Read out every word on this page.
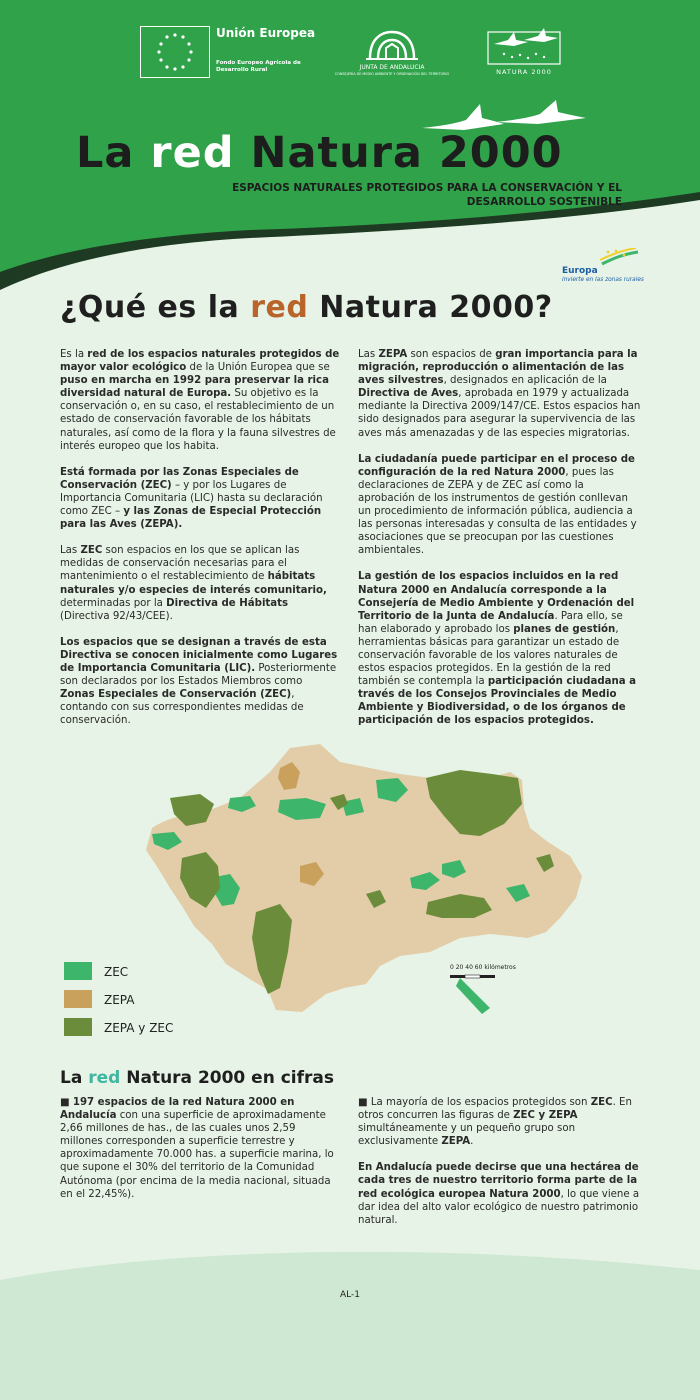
Unión Europea
Fondo Europeo Agrícola de Desarrollo Rural	JUNTA DE ANDALUCIA
CONSEJERÍA DE MEDIO AMBIENTE Y ORDENACIÓN DEL TERRITORIO	NATURA 2000
La red Natura 2000
ESPACIOS NATURALES PROTEGIDOS PARA LA CONSERVACIÓN Y EL DESARROLLO SOSTENIBLE
Europa
invierte en las zonas rurales
¿Qué es la red Natura 2000?

Es la red de los espacios naturales protegidos de mayor valor ecológico de la Unión Europea que se puso en marcha en 1992 para preservar la rica diversidad natural de Europa. Su objetivo es la conservación o, en su caso, el restablecimiento de un estado de conservación favorable de los hábitats naturales, así como de la flora y la fauna silvestres de interés europeo que los habita.

Está formada por las Zonas Especiales de Conservación (ZEC) – y por los Lugares de Importancia Comunitaria (LIC) hasta su declaración como ZEC – y las Zonas de Especial Protección para las Aves (ZEPA).

Las ZEC son espacios en los que se aplican las medidas de conservación necesarias para el mantenimiento o el restablecimiento de hábitats naturales y/o especies de interés comunitario, determinadas por la Directiva de Hábitats (Directiva 92/43/CEE).

Los espacios que se designan a través de esta Directiva se conocen inicialmente como Lugares de Importancia Comunitaria (LIC). Posteriormente son declarados por los Estados Miembros como Zonas Especiales de Conservación (ZEC), contando con sus correspondientes medidas de conservación.

Las ZEPA son espacios de gran importancia para la migración, reproducción o alimentación de las aves silvestres, designados en aplicación de la Directiva de Aves, aprobada en 1979 y actualizada mediante la Directiva 2009/147/CE. Estos espacios han sido designados para asegurar la supervivencia de las aves más amenazadas y de las especies migratorias.

La ciudadanía puede participar en el proceso de configuración de la red Natura 2000, pues las declaraciones de ZEPA y de ZEC así como la aprobación de los instrumentos de gestión conllevan un procedimiento de información pública, audiencia a las personas interesadas y consulta de las entidades y asociaciones que se preocupan por las cuestiones ambientales.

La gestión de los espacios incluidos en la red Natura 2000 en Andalucía corresponde a la Consejería de Medio Ambiente y Ordenación del Territorio de la Junta de Andalucía. Para ello, se han elaborado y aprobado los planes de gestión, herramientas básicas para garantizar un estado de conservación favorable de los valores naturales de estos espacios protegidos. En la gestión de la red también se contempla la participación ciudadana a través de los Consejos Provinciales de Medio Ambiente y Biodiversidad, o de los órganos de participación de los espacios protegidos.

ZEC
ZEPA
ZEPA y ZEC
0 20 40 60 kilómetros
La red Natura 2000 en cifras

■ 197 espacios de la red Natura 2000 en Andalucía con una superficie de aproximadamente 2,66 millones de has., de las cuales unos 2,59 millones corresponden a superficie terrestre y aproximadamente 70.000 has. a superficie marina, lo que supone el 30% del territorio de la Comunidad Autónoma (por encima de la media nacional, situada en el 22,45%).

■ La mayoría de los espacios protegidos son ZEC. En otros concurren las figuras de ZEC y ZEPA simultáneamente y un pequeño grupo son exclusivamente ZEPA.

En Andalucía puede decirse que una hectárea de cada tres de nuestro territorio forma parte de la red ecológica europea Natura 2000, lo que viene a dar idea del alto valor ecológico de nuestro patrimonio natural.

AL-1
